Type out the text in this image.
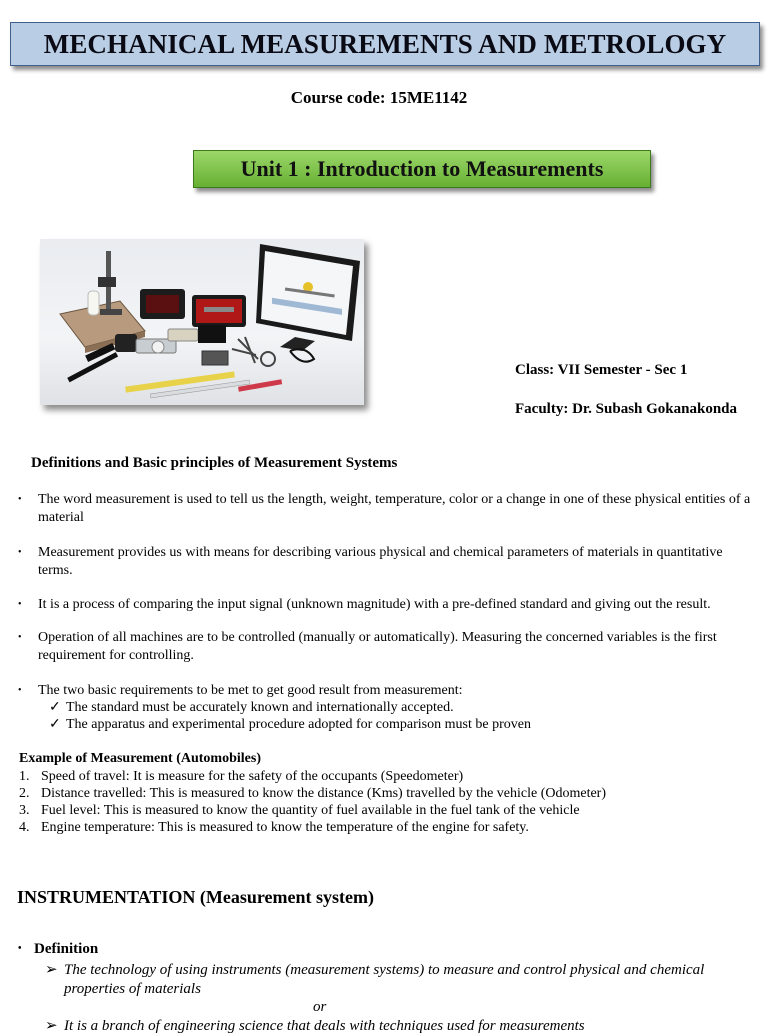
MECHANICAL MEASUREMENTS AND METROLOGY
Course code: 15ME1142
Unit 1 : Introduction to Measurements
Class: VII Semester - Sec 1
Faculty: Dr. Subash Gokanakonda
Definitions and Basic principles of Measurement Systems
• The word measurement is used to tell us the length, weight, temperature, color or a change in one of these physical entities of a material
• Measurement provides us with means for describing various physical and chemical parameters of materials in quantitative terms.
• It is a process of comparing the input signal (unknown magnitude) with a pre-defined standard and giving out the result.
• Operation of all machines are to be controlled (manually or automatically). Measuring the concerned variables is the first requirement for controlling.
• The two basic requirements to be met to get good result from measurement:
✓ The standard must be accurately known and internationally accepted.
✓ The apparatus and experimental procedure adopted for comparison must be proven
Example of Measurement (Automobiles)
1. Speed of travel: It is measure for the safety of the occupants (Speedometer)
2. Distance travelled: This is measured to know the distance (Kms) travelled by the vehicle (Odometer)
3. Fuel level: This is measured to know the quantity of fuel available in the fuel tank of the vehicle
4. Engine temperature: This is measured to know the temperature of the engine for safety.
INSTRUMENTATION (Measurement system)
• Definition
➢ The technology of using instruments (measurement systems) to measure and control physical and chemical properties of materials
or
➢ It is a branch of engineering science that deals with techniques used for measurements
